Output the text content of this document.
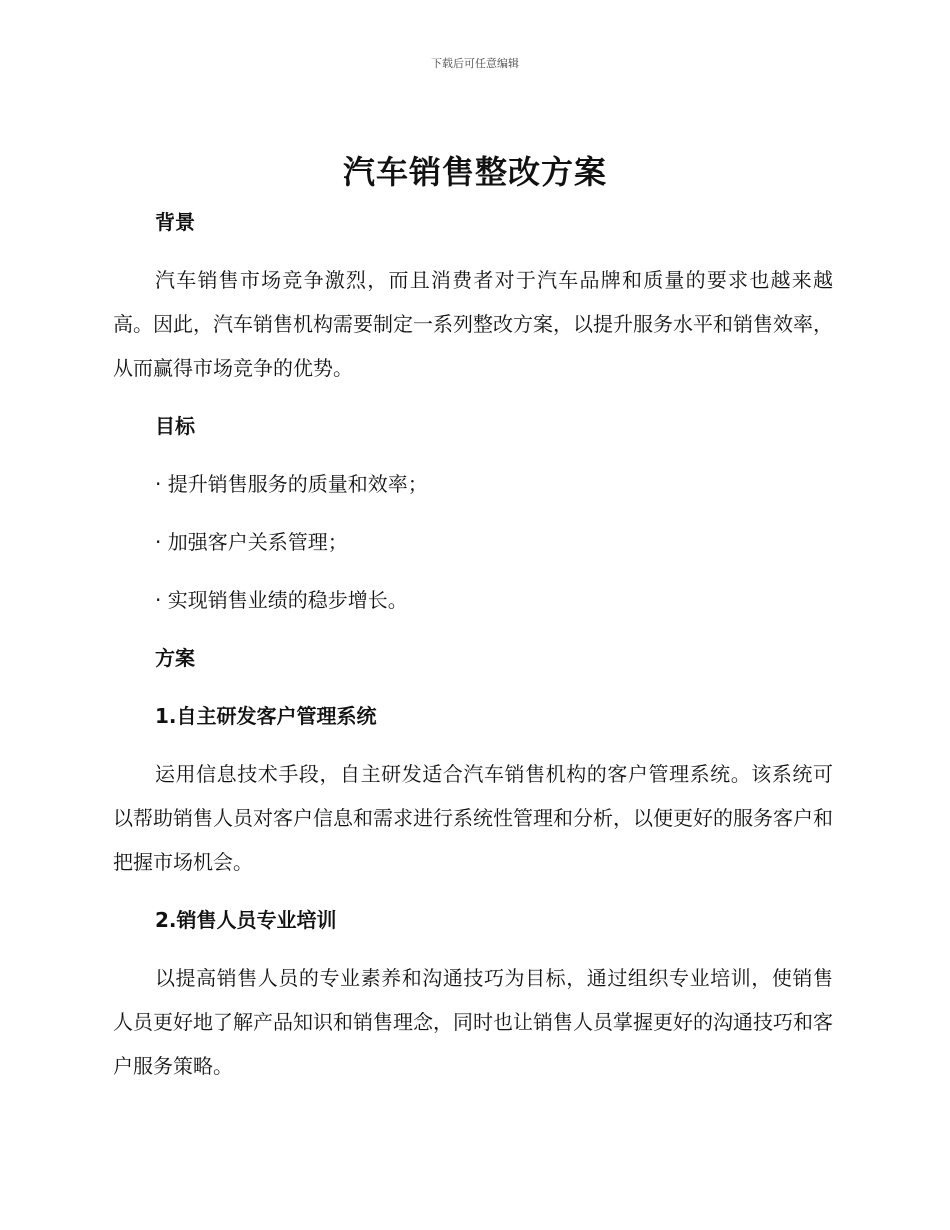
下载后可任意编辑
汽车销售整改方案

背景

汽车销售市场竞争激烈，而且消费者对于汽车品牌和质量的要求也越来越高。因此，汽车销售机构需要制定一系列整改方案，以提升服务水平和销售效率，从而赢得市场竞争的优势。

目标

· 提升销售服务的质量和效率；

· 加强客户关系管理；

· 实现销售业绩的稳步增长。

方案

1.自主研发客户管理系统

运用信息技术手段，自主研发适合汽车销售机构的客户管理系统。该系统可以帮助销售人员对客户信息和需求进行系统性管理和分析，以便更好的服务客户和把握市场机会。

2.销售人员专业培训

以提高销售人员的专业素养和沟通技巧为目标，通过组织专业培训，使销售人员更好地了解产品知识和销售理念，同时也让销售人员掌握更好的沟通技巧和客户服务策略。
